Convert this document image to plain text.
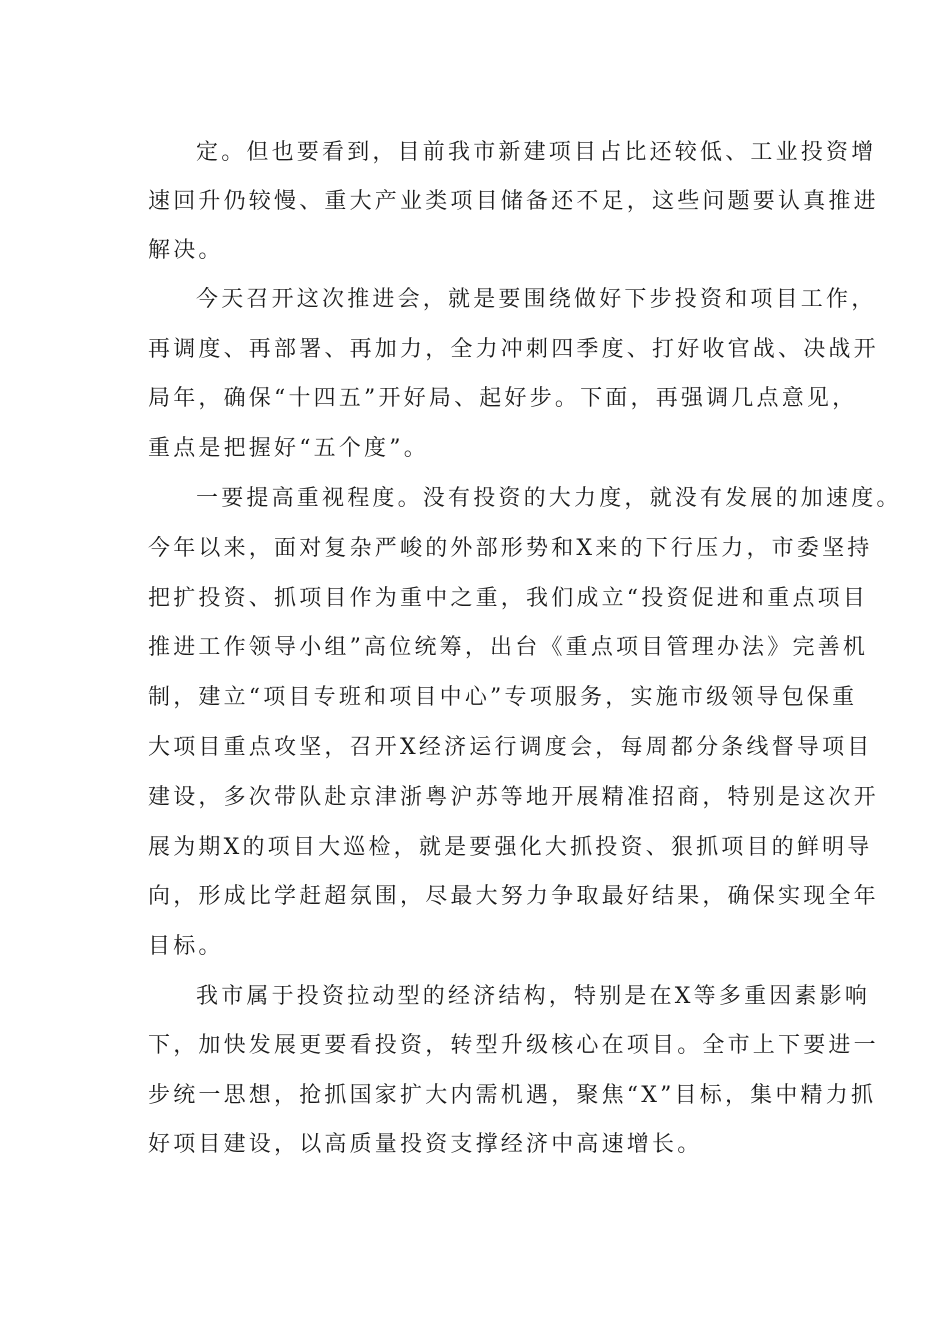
定。但也要看到，目前我市新建项目占比还较低、工业投资增
速回升仍较慢、重大产业类项目储备还不足，这些问题要认真推进
解决。
今天召开这次推进会，就是要围绕做好下步投资和项目工作，
再调度、再部署、再加力，全力冲刺四季度、打好收官战、决战开
局年，确保“十四五”开好局、起好步。下面，再强调几点意见，
重点是把握好“五个度”。
一要提高重视程度。没有投资的大力度，就没有发展的加速度。
今年以来，面对复杂严峻的外部形势和X来的下行压力，市委坚持
把扩投资、抓项目作为重中之重，我们成立“投资促进和重点项目
推进工作领导小组”高位统筹，出台《重点项目管理办法》完善机
制，建立“项目专班和项目中心”专项服务，实施市级领导包保重
大项目重点攻坚，召开X经济运行调度会，每周都分条线督导项目
建设，多次带队赴京津浙粤沪苏等地开展精准招商，特别是这次开
展为期X的项目大巡检，就是要强化大抓投资、狠抓项目的鲜明导
向，形成比学赶超氛围，尽最大努力争取最好结果，确保实现全年
目标。
我市属于投资拉动型的经济结构，特别是在X等多重因素影响
下，加快发展更要看投资，转型升级核心在项目。全市上下要进一
步统一思想，抢抓国家扩大内需机遇，聚焦“X”目标，集中精力抓
好项目建设，以高质量投资支撑经济中高速增长。
